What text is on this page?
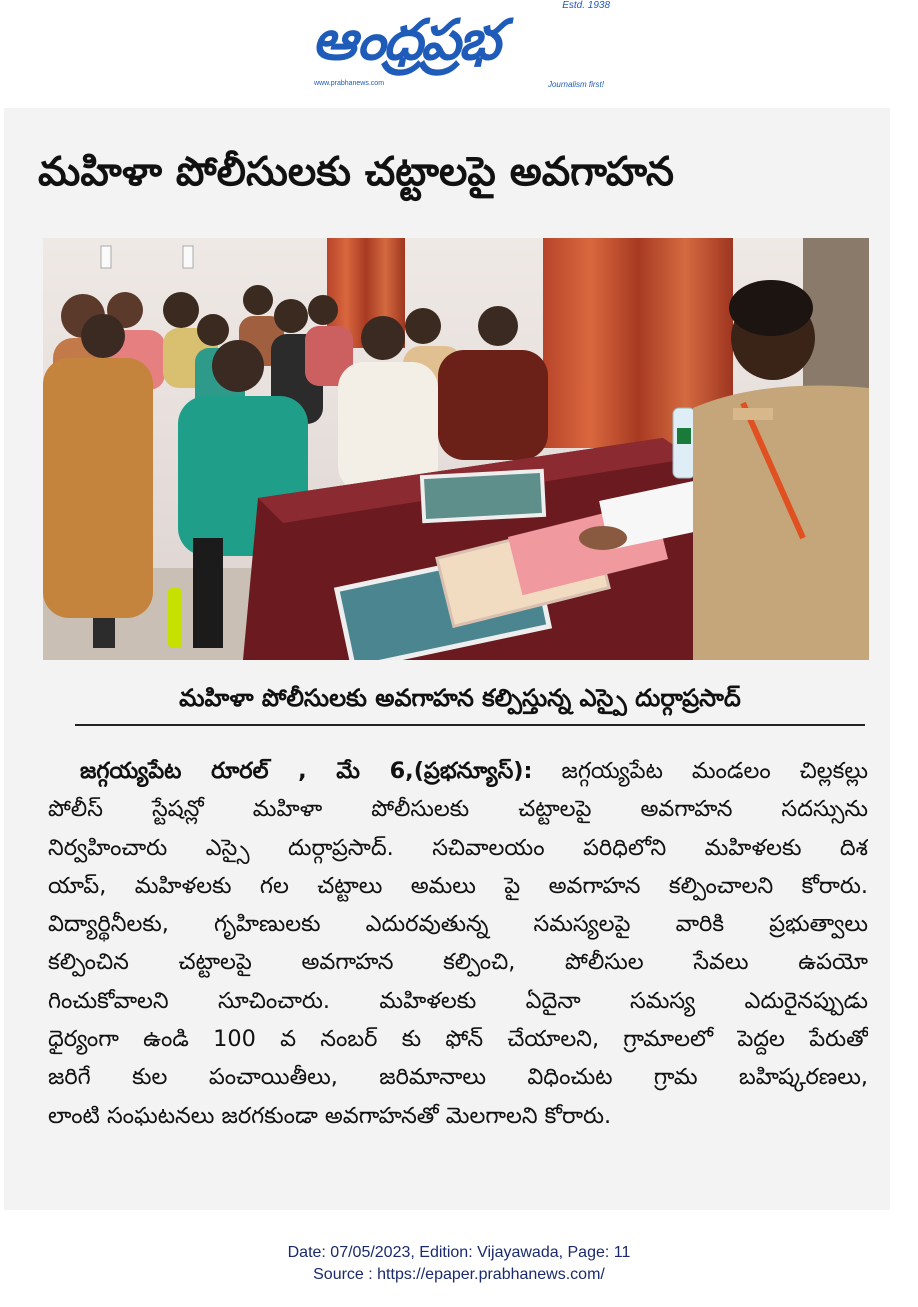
ఆంధ్రప్రభ
Estd. 1938
www.prabhanews.com	Journalism first!
మహిళా పోలీసులకు చట్టాలపై అవగాహన
మహిళా పోలీసులకు అవగాహన కల్పిస్తున్న ఎస్పై దుర్గాప్రసాద్
జగ్గయ్యపేట రూరల్ , మే 6,(ప్రభన్యూస్): జగ్గయ్యపేట మండలం చిల్లకల్లు
పోలీస్ స్టేషన్లో మహిళా పోలీసులకు చట్టాలపై అవగాహన సదస్సును
నిర్వహించారు ఎస్సై దుర్గాప్రసాద్. సచివాలయం పరిధిలోని మహిళలకు దిశ
యాప్, మహిళలకు గల చట్టాలు అమలు పై అవగాహన కల్పించాలని కోరారు.
విద్యార్థినీలకు, గృహిణులకు ఎదురవుతున్న సమస్యలపై వారికి ప్రభుత్వాలు
కల్పించిన చట్టాలపై అవగాహన కల్పించి, పోలీసుల సేవలు ఉపయో
గించుకోవాలని సూచించారు. మహిళలకు ఏదైనా సమస్య ఎదురైనప్పుడు
ధైర్యంగా ఉండి 100 వ నంబర్ కు ఫోన్ చేయాలని, గ్రామాలలో పెద్దల పేరుతో
జరిగే కుల పంచాయితీలు, జరిమానాలు విధించుట గ్రామ బహిష్కరణలు,
లాంటి సంఘటనలు జరగకుండా అవగాహనతో మెలగాలని కోరారు.
Date: 07/05/2023, Edition: Vijayawada, Page: 11
Source : https://epaper.prabhanews.com/
